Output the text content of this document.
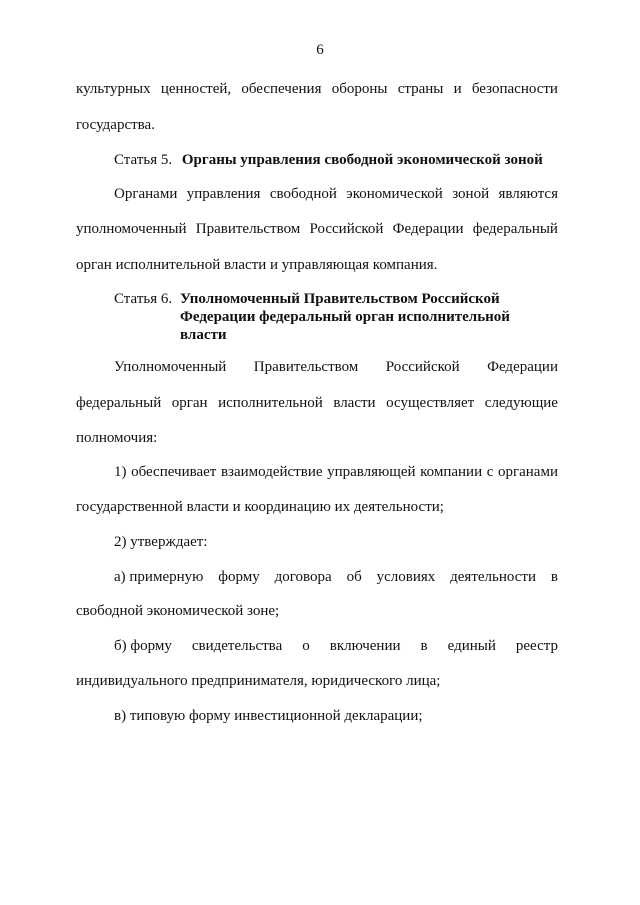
6
культурных ценностей, обеспечения обороны страны и безопасности
государства.
Статья 5. Органы управления свободной экономической зоной
Органами управления свободной экономической зоной являются
уполномоченный Правительством Российской Федерации федеральный
орган исполнительной власти и управляющая компания.
Статья 6. Уполномоченный Правительством Российской
Федерации федеральный орган исполнительной
власти
Уполномоченный Правительством Российской Федерации
федеральный орган исполнительной власти осуществляет следующие
полномочия:
1) обеспечивает взаимодействие управляющей компании с органами
государственной власти и координацию их деятельности;
2) утверждает:
а) примерную форму договора об условиях деятельности в
свободной экономической зоне;
б) форму свидетельства о включении в единый реестр
индивидуального предпринимателя, юридического лица;
в) типовую форму инвестиционной декларации;
